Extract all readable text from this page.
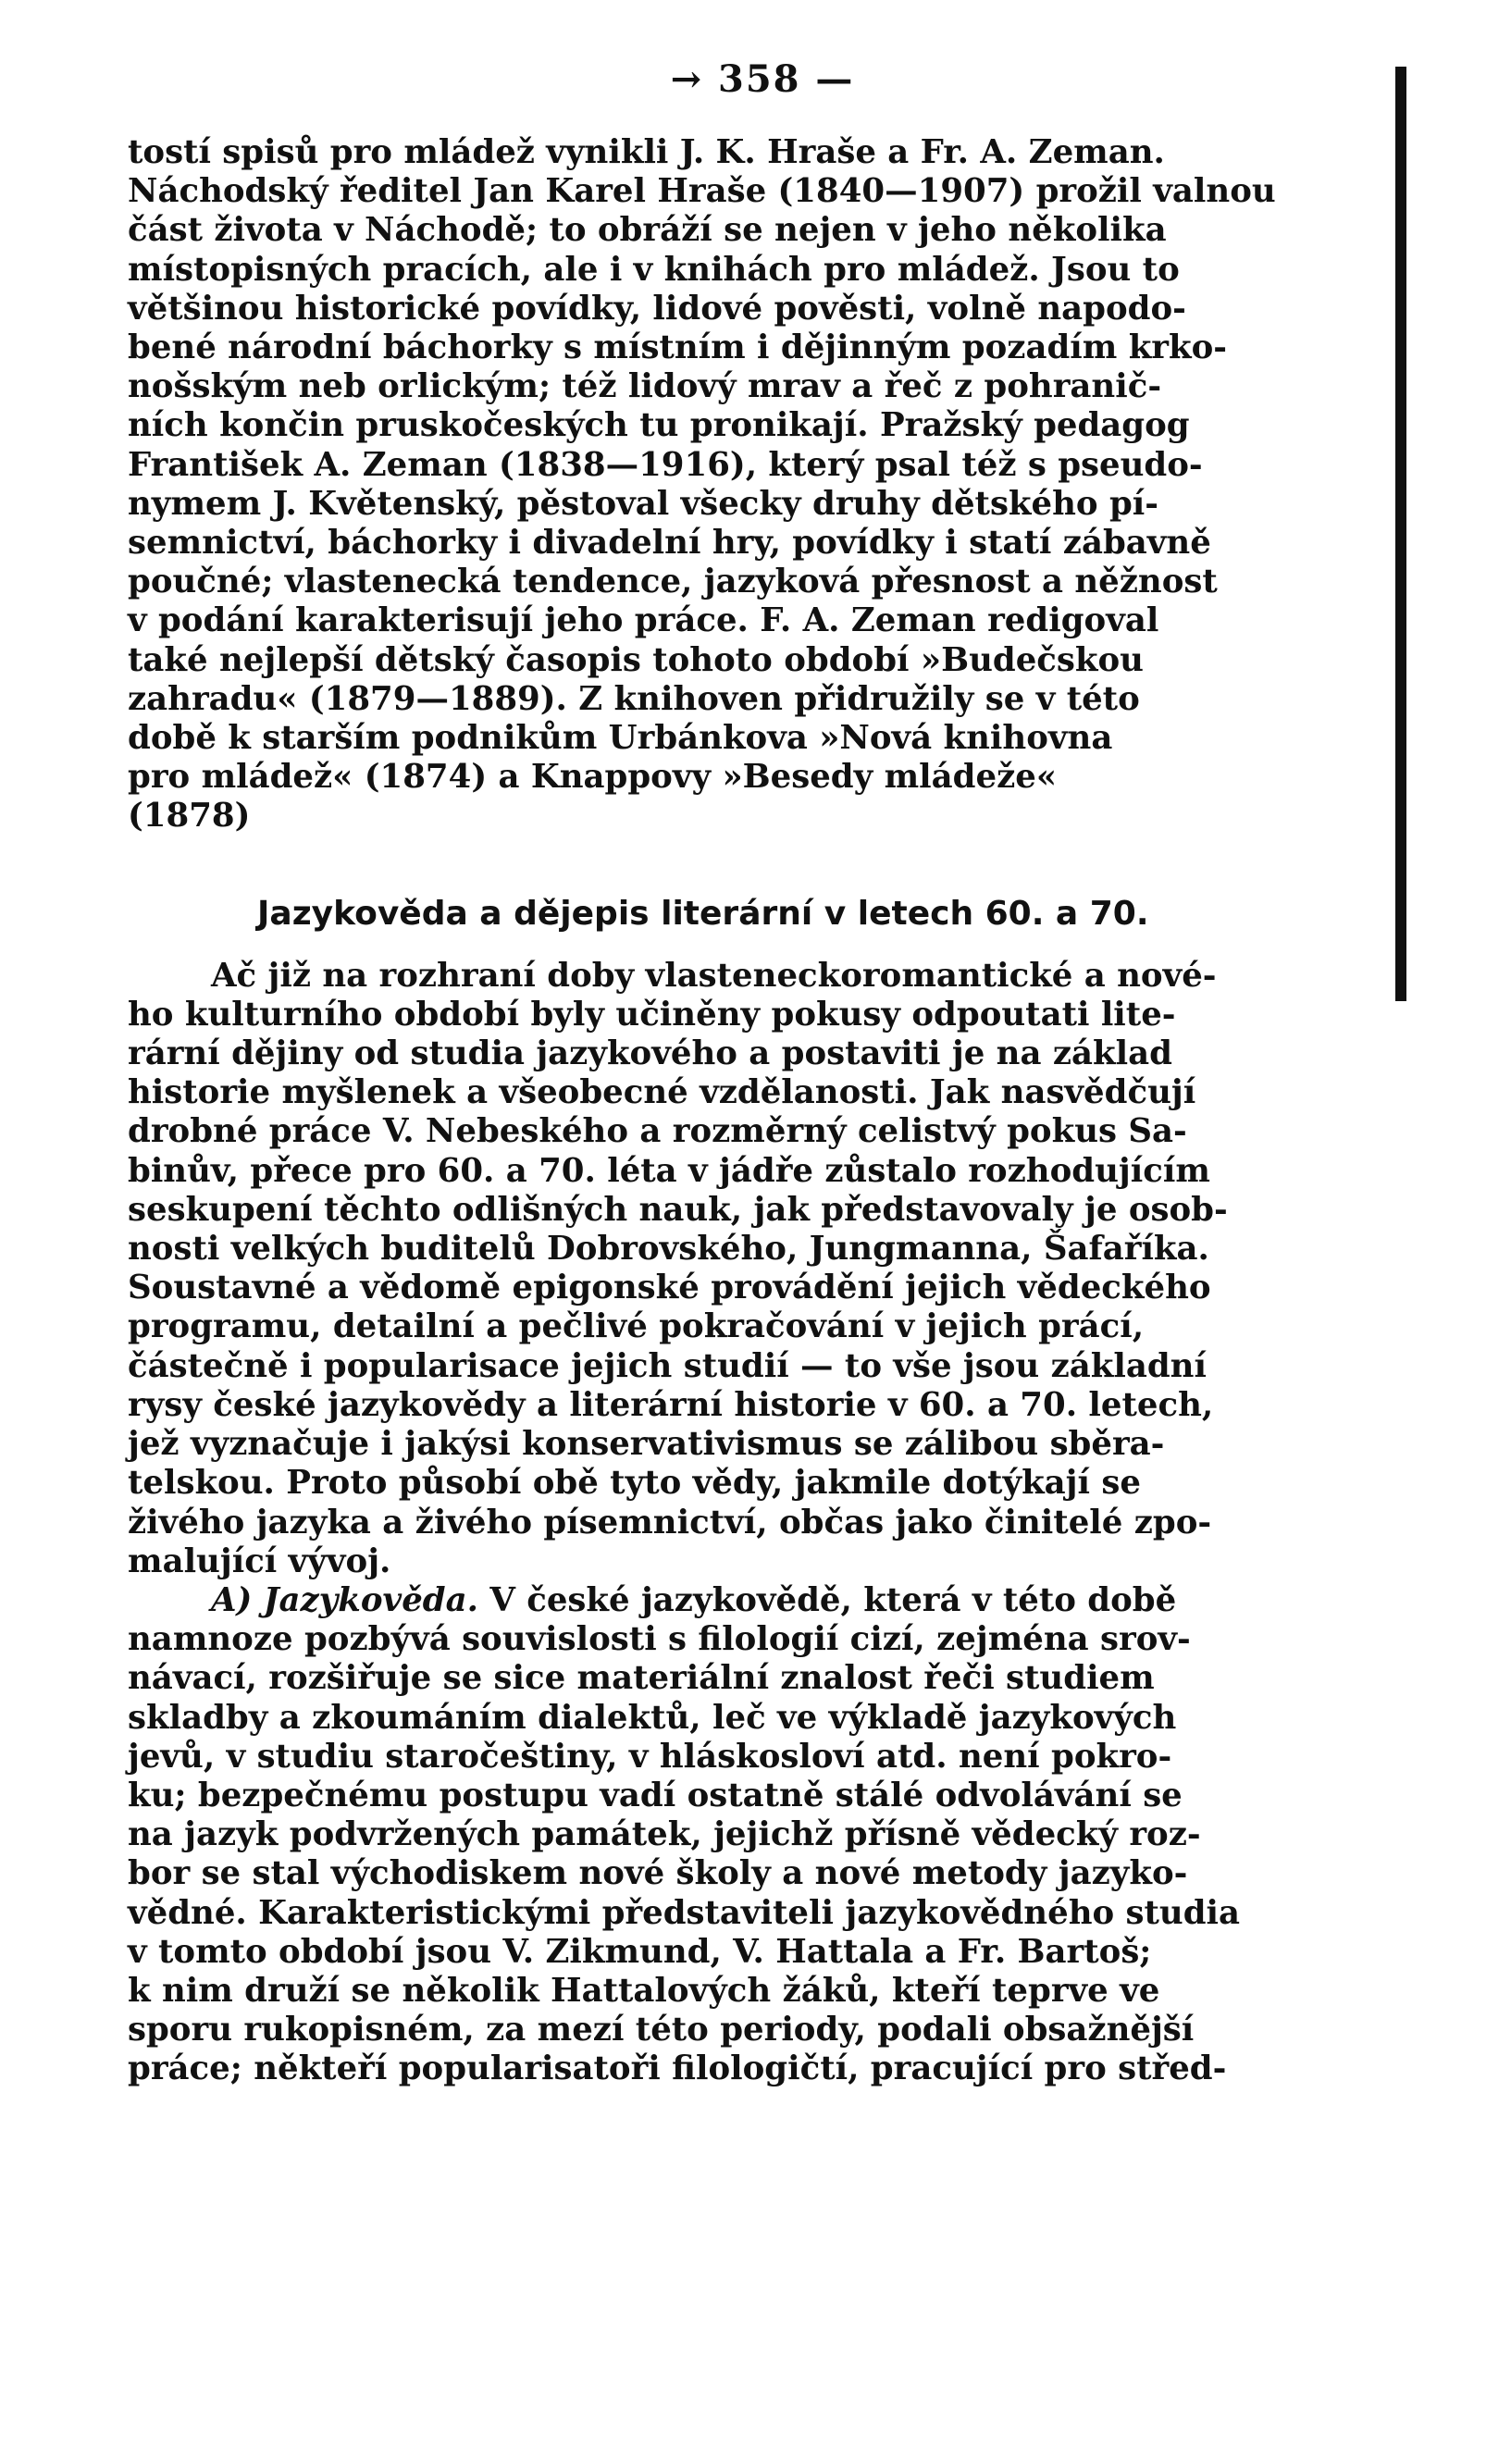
→ 358 —
tostí spisů pro mládež vynikli J. K. Hraše a Fr. A. Zeman.
Náchodský ředitel Jan Karel Hraše (1840—1907) prožil valnou
část života v Náchodě; to obráží se nejen v jeho několika
místopisných pracích, ale i v knihách pro mládež. Jsou to
většinou historické povídky, lidové pověsti, volně napodo-
bené národní báchorky s místním i dějinným pozadím krko-
nošským neb orlickým; též lidový mrav a řeč z pohranič-
ních končin pruskočeských tu pronikají. Pražský pedagog
František A. Zeman (1838—1916), který psal též s pseudo-
nymem J. Květenský, pěstoval všecky druhy dětského pí-
semnictví, báchorky i divadelní hry, povídky i statí zábavně
poučné; vlastenecká tendence, jazyková přesnost a něžnost
v podání karakterisují jeho práce. F. A. Zeman redigoval
také nejlepší dětský časopis tohoto období »Budečskou
zahradu« (1879—1889). Z knihoven přidružily se v této
době k starším podnikům Urbánkova »Nová knihovna
pro mládež« (1874) a Knappovy »Besedy mládeže«
(1878)
Jazykověda a dějepis literární v letech 60. a 70.
Ač již na rozhraní doby vlasteneckoromantické a nové-
ho kulturního období byly učiněny pokusy odpoutati lite-
rární dějiny od studia jazykového a postaviti je na základ
historie myšlenek a všeobecné vzdělanosti. Jak nasvědčují
drobné práce V. Nebeského a rozměrný celistvý pokus Sa-
binův, přece pro 60. a 70. léta v jádře zůstalo rozhodujícím
seskupení těchto odlišných nauk, jak představovaly je osob-
nosti velkých buditelů Dobrovského, Jungmanna, Šafaříka.
Soustavné a vědomě epigonské provádění jejich vědeckého
programu, detailní a pečlivé pokračování v jejich prácí,
částečně i popularisace jejich studií — to vše jsou základní
rysy české jazykovědy a literární historie v 60. a 70. letech,
jež vyznačuje i jakýsi konservativismus se zálibou sběra-
telskou. Proto působí obě tyto vědy, jakmile dotýkají se
živého jazyka a živého písemnictví, občas jako činitelé zpo-
malující vývoj.
A) Jazykověda. V české jazykovědě, která v této době
namnoze pozbývá souvislosti s filologií cizí, zejména srov-
návací, rozšiřuje se sice materiální znalost řeči studiem
skladby a zkoumáním dialektů, leč ve výkladě jazykových
jevů, v studiu staročeštiny, v hláskosloví atd. není pokro-
ku; bezpečnému postupu vadí ostatně stálé odvolávání se
na jazyk podvržených památek, jejichž přísně vědecký roz-
bor se stal východiskem nové školy a nové metody jazyko-
vědné. Karakteristickými představiteli jazykovědného studia
v tomto období jsou V. Zikmund, V. Hattala a Fr. Bartoš;
k nim druží se několik Hattalových žáků, kteří teprve ve
sporu rukopisném, za mezí této periody, podali obsažnější
práce; někteří popularisatoři filologičtí, pracující pro střed-
